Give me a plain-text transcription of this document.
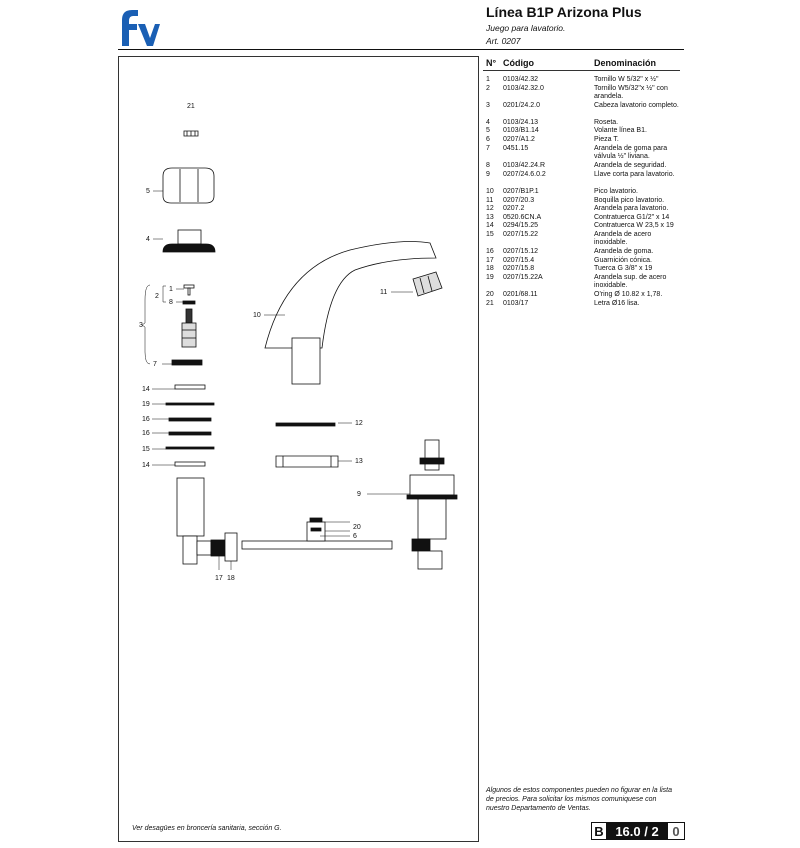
Línea B1P Arizona Plus
Juego para lavatorio.
Art. 0207
21
5
4
1
2
8
3
7
10
11
14
19
16
16
15
14
12
13
9
20
6
17 18
N° Código	Denominación
1 0103/42.32	Tornillo W 5/32" x ½"
2 0103/42.32.0	Tornillo W5/32"x ½" con arandela.
3 0201/24.2.0	Cabeza lavatorio completo.
4 0103/24.13	Roseta.
5 0103/B1.14	Volante línea B1.
6 0207/A1.2	Pieza T.
7 0451.15	Arandela de goma para válvula ½" liviana.
8 0103/42.24.R	Arandela de seguridad.
9 0207/24.6.0.2	Llave corta para lavatorio.
10 0207/B1P.1	Pico lavatorio.
11 0207/20.3	Boquilla pico lavatorio.
12 0207.2	Arandela para lavatorio.
13 0520.6CN.A	Contratuerca G1/2" x 14
14 0294/15.25	Contratuerca W 23,5 x 19
15 0207/15.22	Arandela de acero inoxidable.
16 0207/15.12	Arandela de goma.
17 0207/15.4	Guarnición cónica.
18 0207/15.8	Tuerca G 3/8" x 19
19 0207/15.22A	Arandela sup. de acero inoxidable.
20 0201/68.11	O'ring Ø 10.82 x 1,78.
21 0103/17	Letra Ø16 lisa.
Algunos de estos componentes pueden no figurar en la lista de precios. Para solicitar los mismos comuniquese con nuestro Departamento de Ventas.
Ver desagües en broncería sanitaria, sección G.	B 16.0 / 2	0
